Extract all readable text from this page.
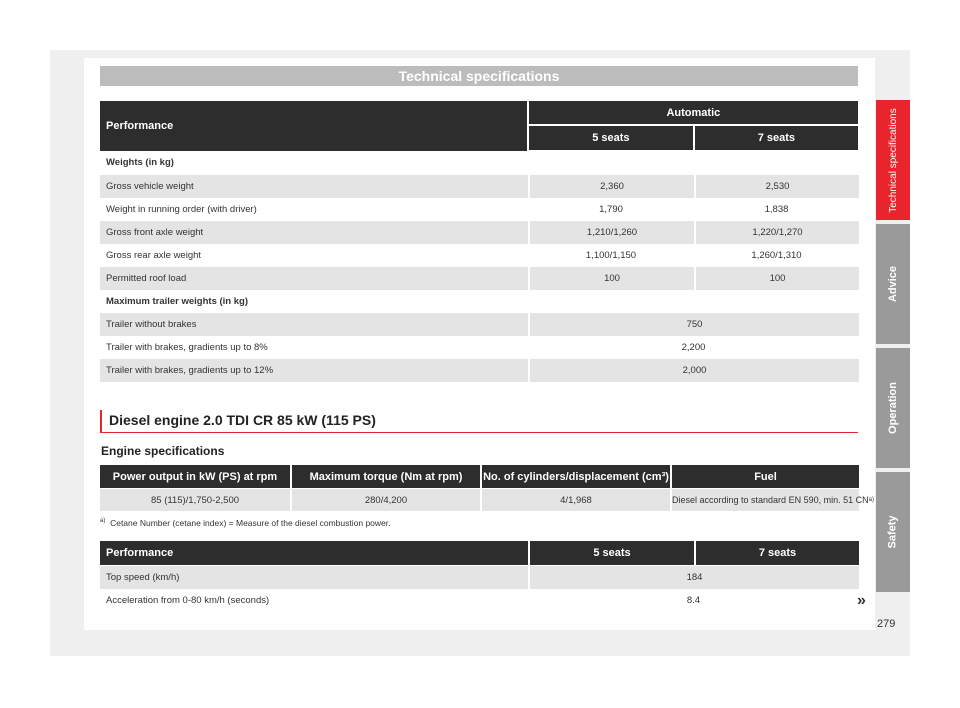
Technical specifications
Performance
Automatic
5 seats	7 seats
Weights (in kg)
Gross vehicle weight	2,360	2,530
Weight in running order (with driver)	1,790	1,838
Gross front axle weight	1,210/1,260	1,220/1,270
Gross rear axle weight	1,100/1,150	1,260/1,310
Permitted roof load	100	100
Maximum trailer weights (in kg)
Trailer without brakes	750
Trailer with brakes, gradients up to 8%	2,200
Trailer with brakes, gradients up to 12%	2,000
Diesel engine 2.0 TDI CR 85 kW (115 PS)
Engine specifications
Power output in kW (PS) at rpm	Maximum torque (Nm at rpm)	No. of cylinders/displacement (cm³)	Fuel
85 (115)/1,750-2,500	280/4,200	4/1,968	Diesel according to standard EN 590, min. 51 CN a)
$^{a)}$ Cetane Number (cetane index) = Measure of the diesel combustion power.
Performance	5 seats	7 seats
Top speed (km/h)	184
Acceleration from 0-80 km/h (seconds)	8.4	»
Technical specifications
Advice
Operation
Safety
279
